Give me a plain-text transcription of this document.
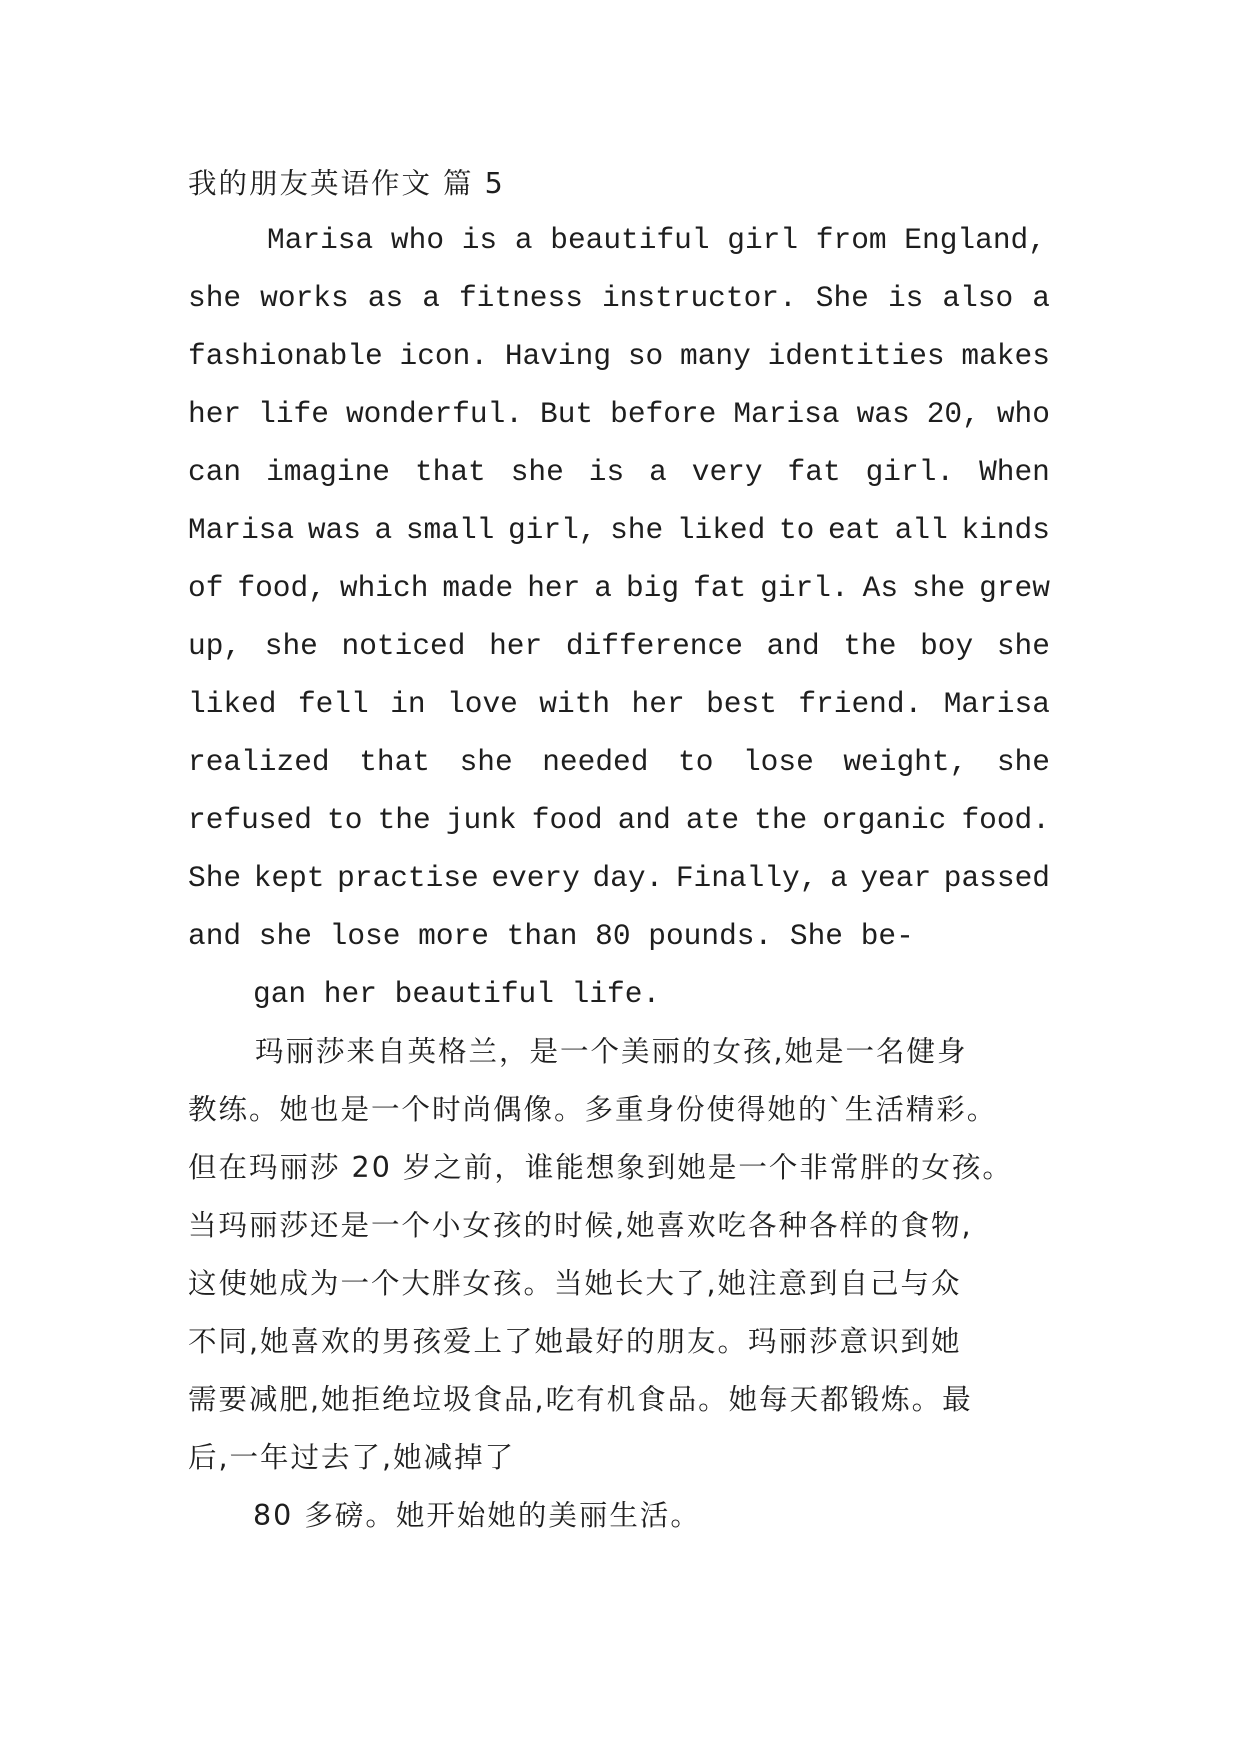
我的朋友英语作文 篇 5
Marisa who is a beautiful girl from England,
she works as a fitness instructor. She is also a
fashionable icon. Having so many identities makes
her life wonderful. But before Marisa was 20, who
can imagine that she is a very fat girl. When
Marisa was a small girl, she liked to eat all kinds
of food, which made her a big fat girl. As she grew
up, she noticed her difference and the boy she
liked fell in love with her best friend. Marisa
realized that she needed to lose weight, she
refused to the junk food and ate the organic food.
She kept practise every day. Finally, a year passed
and she lose more than 80 pounds. She be-
gan her beautiful life.
玛丽莎来自英格兰，是一个美丽的女孩,她是一名健身
教练。她也是一个时尚偶像。多重身份使得她的`生活精彩。
但在玛丽莎 20 岁之前，谁能想象到她是一个非常胖的女孩。
当玛丽莎还是一个小女孩的时候,她喜欢吃各种各样的食物,
这使她成为一个大胖女孩。当她长大了,她注意到自己与众
不同,她喜欢的男孩爱上了她最好的朋友。玛丽莎意识到她
需要减肥,她拒绝垃圾食品,吃有机食品。她每天都锻炼。最
后,一年过去了,她减掉了
80 多磅。她开始她的美丽生活。
